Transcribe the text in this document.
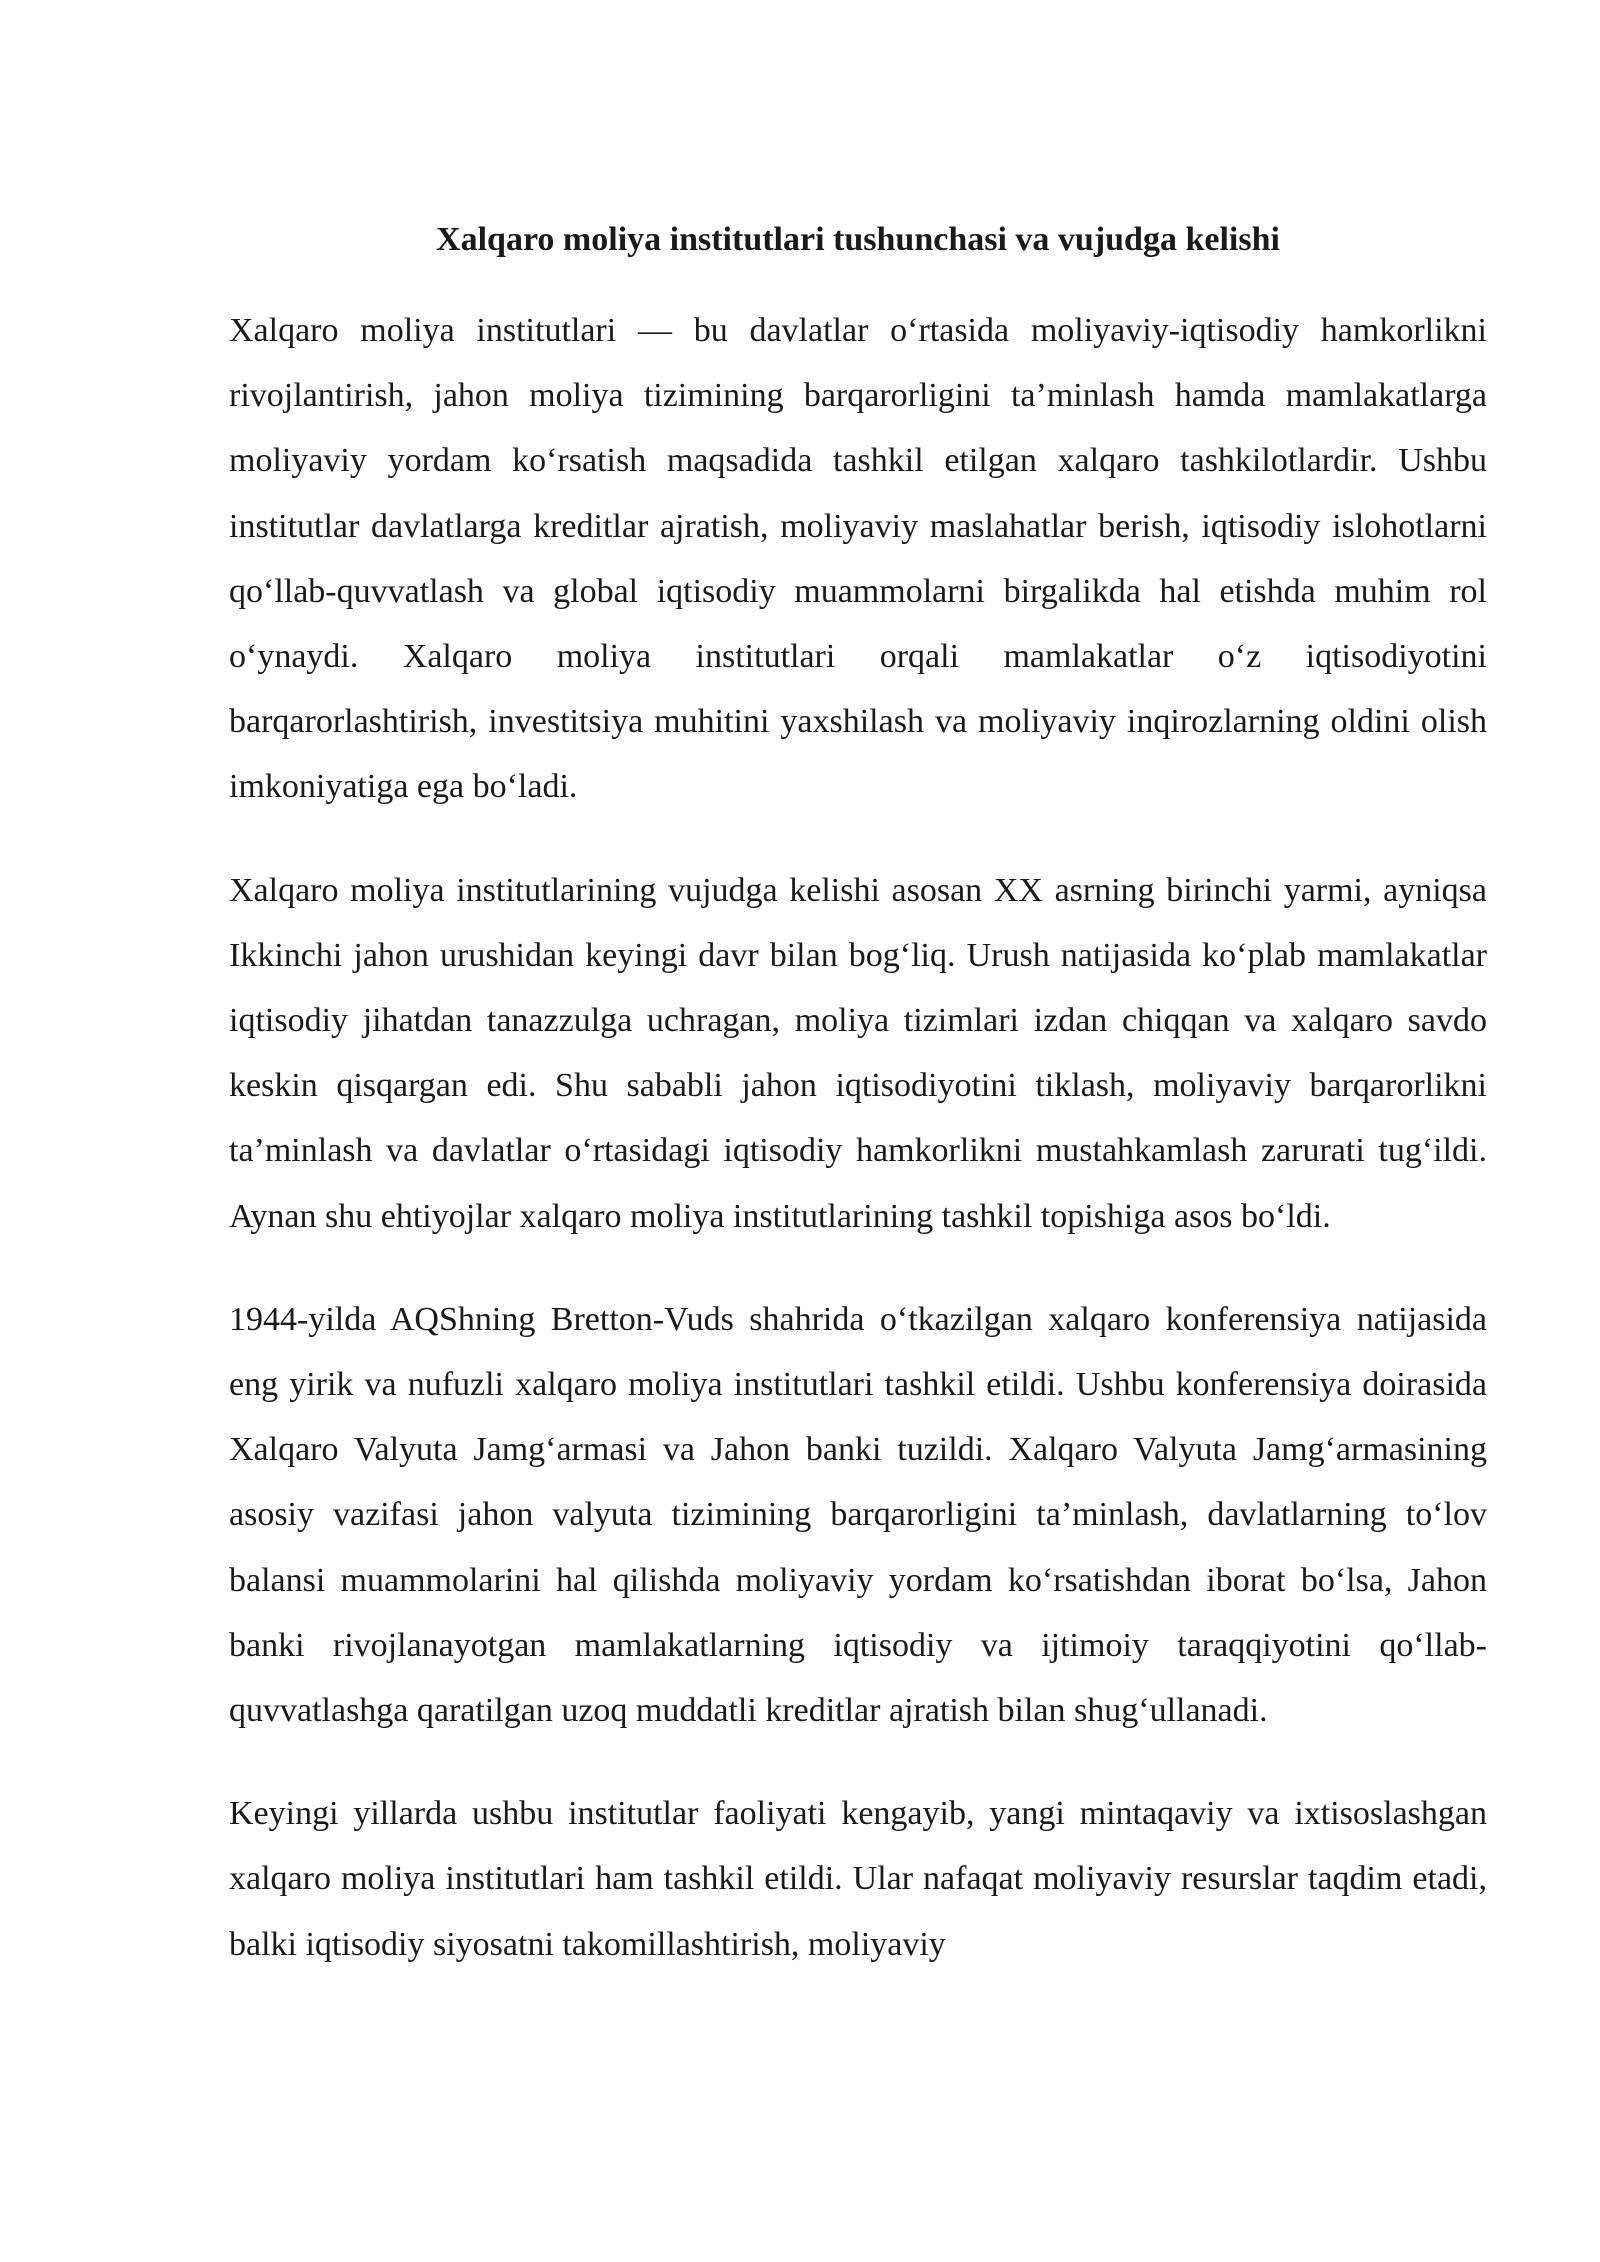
Xalqaro moliya institutlari tushunchasi va vujudga kelishi

Xalqaro moliya institutlari — bu davlatlar o‘rtasida moliyaviy-iqtisodiy hamkorlikni rivojlantirish, jahon moliya tizimining barqarorligini ta’minlash hamda mamlakatlarga moliyaviy yordam ko‘rsatish maqsadida tashkil etilgan xalqaro tashkilotlardir. Ushbu institutlar davlatlarga kreditlar ajratish, moliyaviy maslahatlar berish, iqtisodiy islohotlarni qo‘llab-quvvatlash va global iqtisodiy muammolarni birgalikda hal etishda muhim rol o‘ynaydi. Xalqaro moliya institutlari orqali mamlakatlar o‘z iqtisodiyotini barqarorlashtirish, investitsiya muhitini yaxshilash va moliyaviy inqirozlarning oldini olish imkoniyatiga ega bo‘ladi.

Xalqaro moliya institutlarining vujudga kelishi asosan XX asrning birinchi yarmi, ayniqsa Ikkinchi jahon urushidan keyingi davr bilan bog‘liq. Urush natijasida ko‘plab mamlakatlar iqtisodiy jihatdan tanazzulga uchragan, moliya tizimlari izdan chiqqan va xalqaro savdo keskin qisqargan edi. Shu sababli jahon iqtisodiyotini tiklash, moliyaviy barqarorlikni ta’minlash va davlatlar o‘rtasidagi iqtisodiy hamkorlikni mustahkamlash zarurati tug‘ildi. Aynan shu ehtiyojlar xalqaro moliya institutlarining tashkil topishiga asos bo‘ldi.

1944-yilda AQShning Bretton-Vuds shahrida o‘tkazilgan xalqaro konferensiya natijasida eng yirik va nufuzli xalqaro moliya institutlari tashkil etildi. Ushbu konferensiya doirasida Xalqaro Valyuta Jamg‘armasi va Jahon banki tuzildi. Xalqaro Valyuta Jamg‘armasining asosiy vazifasi jahon valyuta tizimining barqarorligini ta’minlash, davlatlarning to‘lov balansi muammolarini hal qilishda moliyaviy yordam ko‘rsatishdan iborat bo‘lsa, Jahon banki rivojlanayotgan mamlakatlarning iqtisodiy va ijtimoiy taraqqiyotini qo‘llab-quvvatlashga qaratilgan uzoq muddatli kreditlar ajratish bilan shug‘ullanadi.

Keyingi yillarda ushbu institutlar faoliyati kengayib, yangi mintaqaviy va ixtisoslashgan xalqaro moliya institutlari ham tashkil etildi. Ular nafaqat moliyaviy resurslar taqdim etadi, balki iqtisodiy siyosatni takomillashtirish, moliyaviy
